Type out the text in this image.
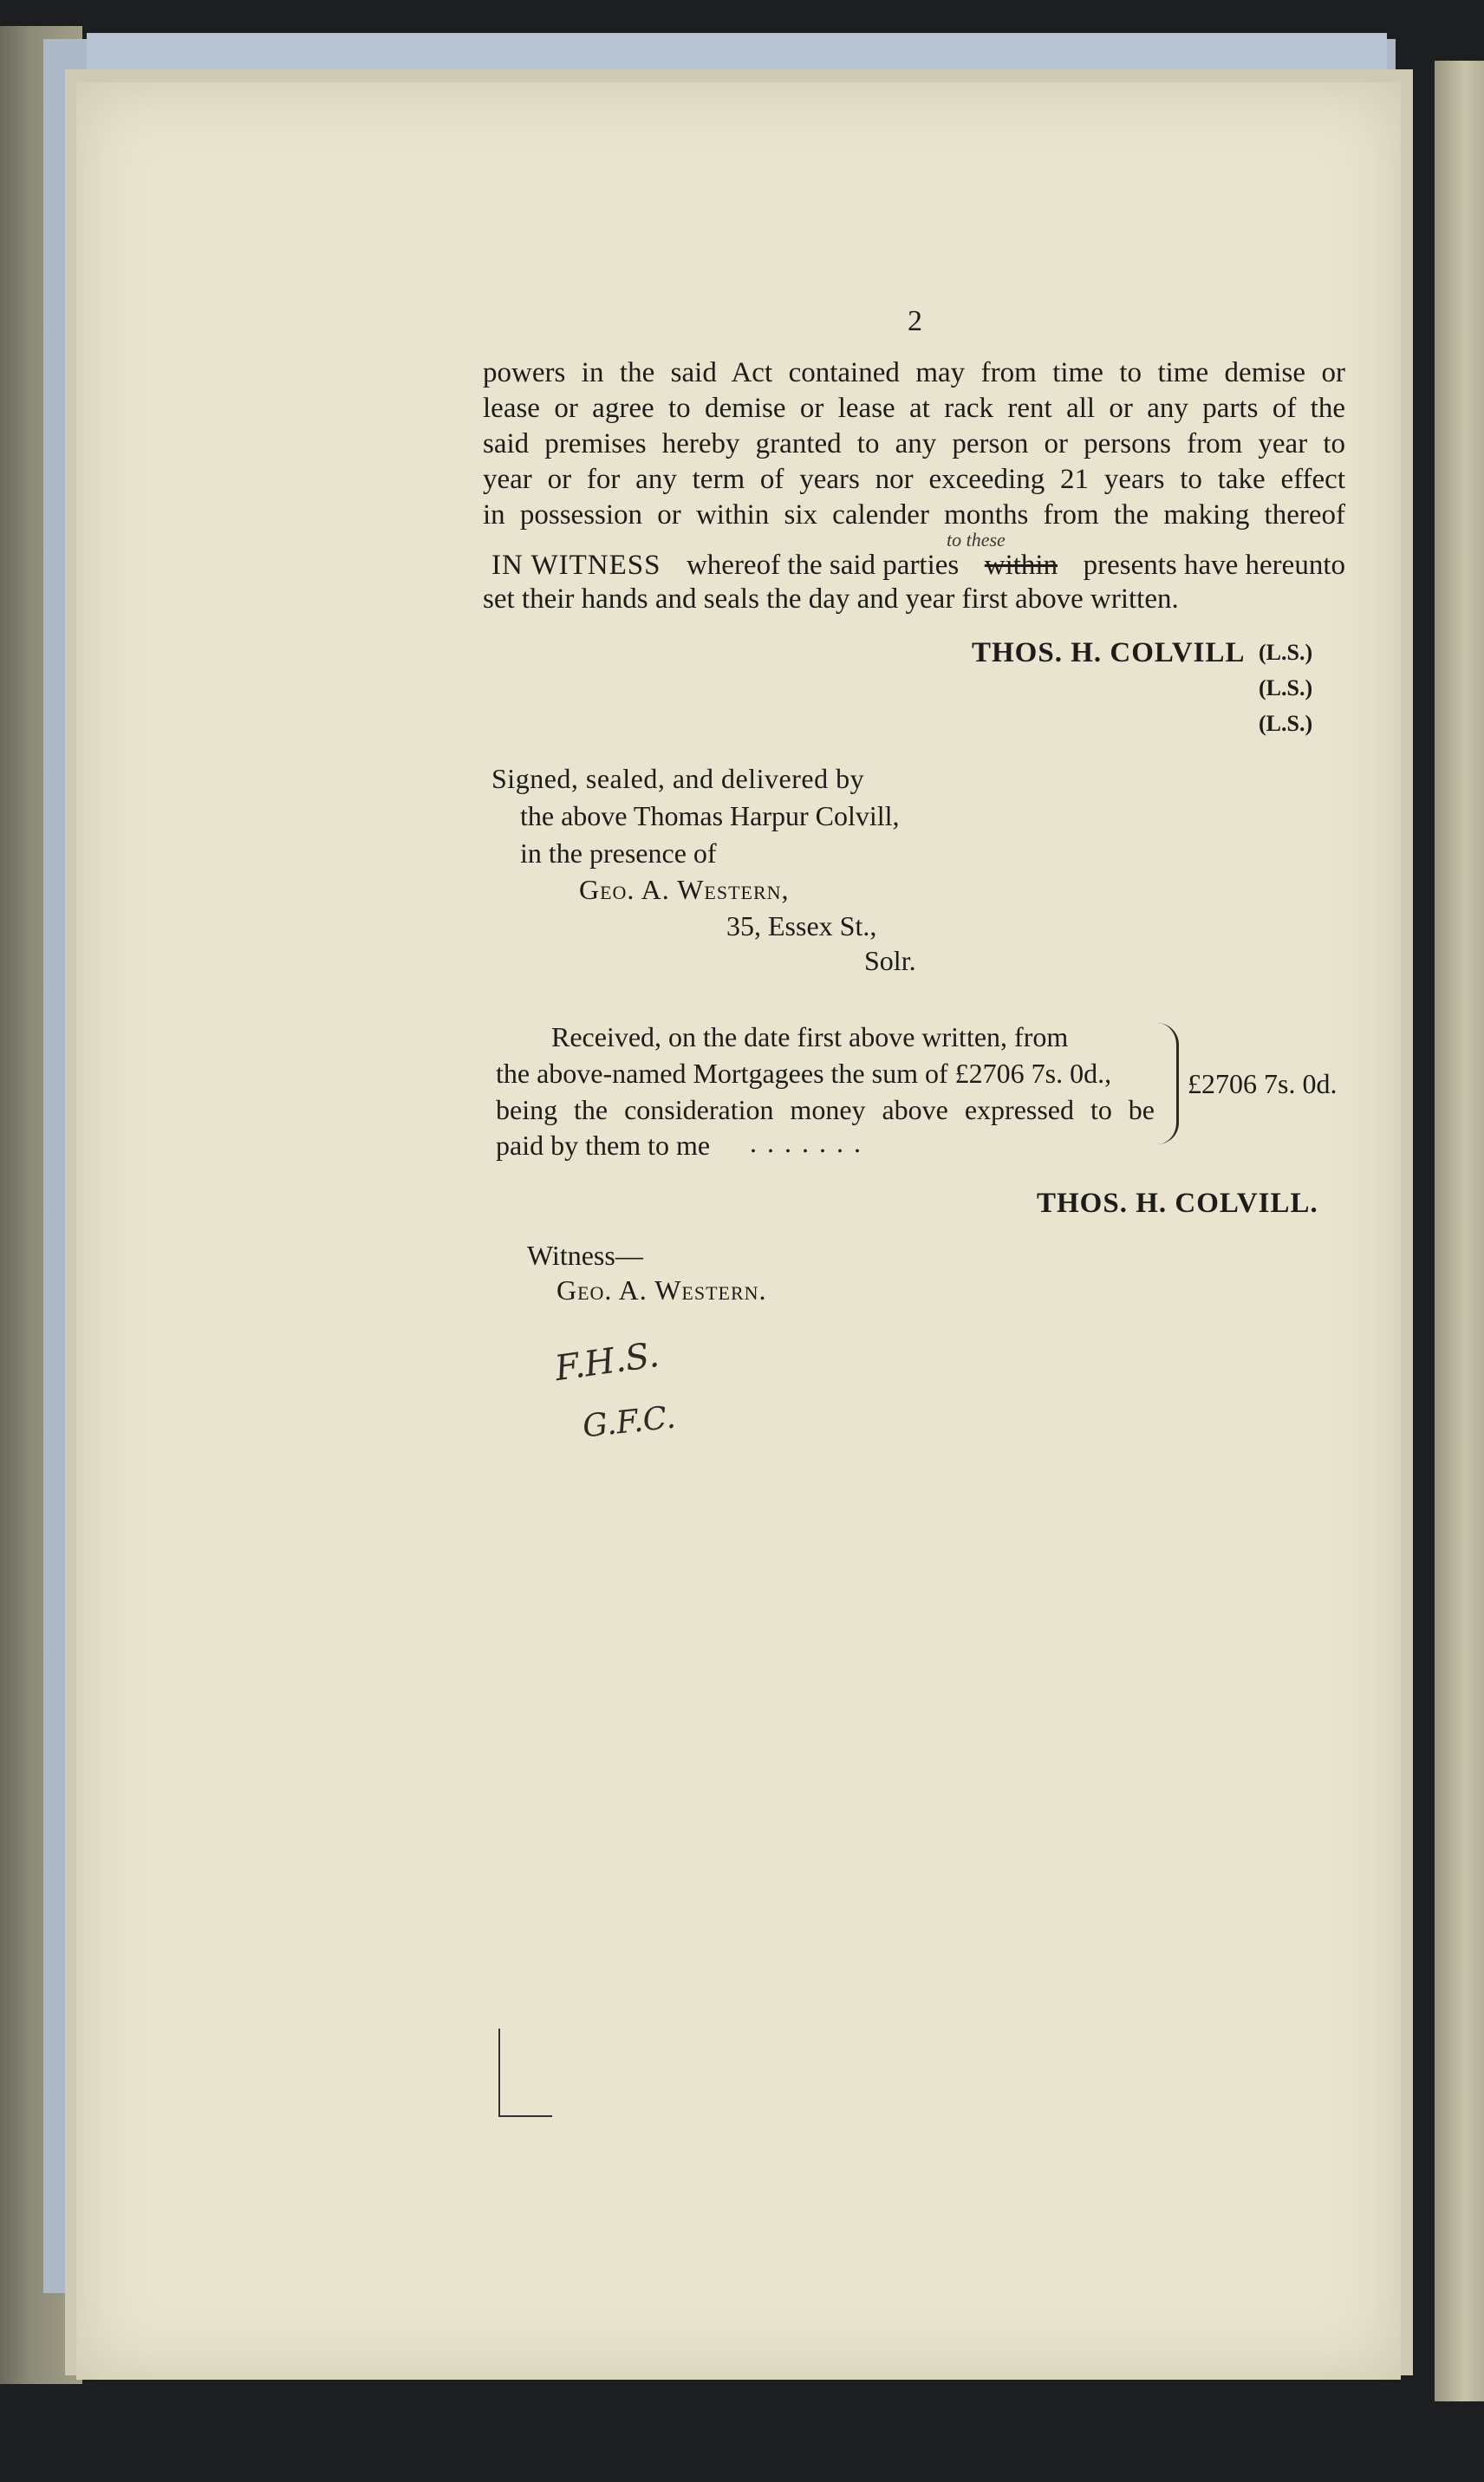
2
powers in the said Act contained may from time to time demise or
lease or agree to demise or lease at rack rent all or any parts of the
said premises hereby granted to any person or persons from year to
year or for any term of years nor exceeding 21 years to take effect
in possession or within six calender months from the making thereof
to these
IN WITNESS whereof the said parties within presents have hereunto
set their hands and seals the day and year first above written.
THOS. H. COLVILL (L.S.)
(L.S.)
(L.S.)
Signed, sealed, and delivered by
the above Thomas Harpur Colvill,
in the presence of
Geo. A. Western,
35, Essex St.,
Solr.
Received, on the date first above written, from
the above-named Mortgagees the sum of £2706 7s. 0d.,
being the consideration money above expressed to be
paid by them to me . . . . . . .
£2706 7s. 0d.
THOS. H. COLVILL.
Witness—
Geo. A. Western.
F.H.S.
G.F.C.
